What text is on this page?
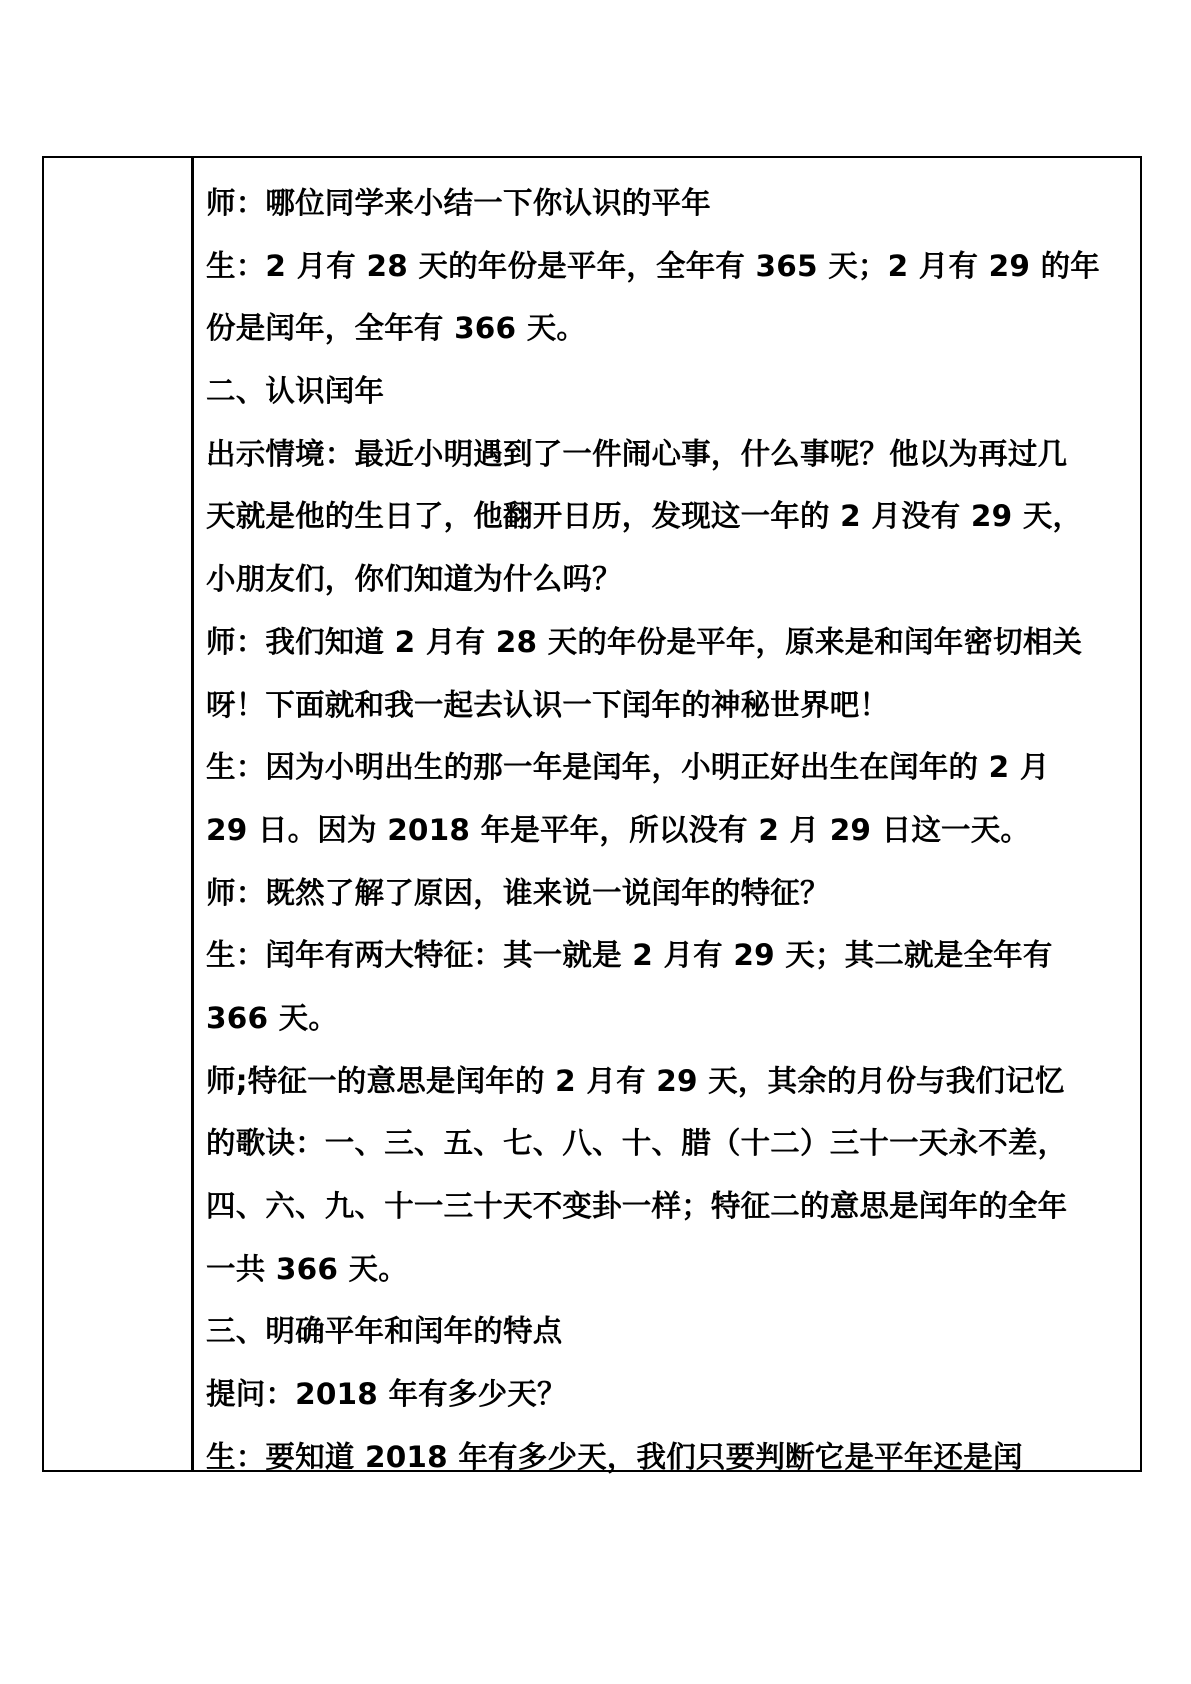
师：哪位同学来小结一下你认识的平年
生：2 月有 28 天的年份是平年，全年有 365 天；2 月有 29 的年
份是闰年，全年有 366 天。
二、认识闰年
出示情境：最近小明遇到了一件闹心事，什么事呢？他以为再过几
天就是他的生日了，他翻开日历，发现这一年的 2 月没有 29 天，
小朋友们，你们知道为什么吗？
师：我们知道 2 月有 28 天的年份是平年，原来是和闰年密切相关
呀！下面就和我一起去认识一下闰年的神秘世界吧！
生：因为小明出生的那一年是闰年，小明正好出生在闰年的 2 月
29 日。因为 2018 年是平年，所以没有 2 月 29 日这一天。
师：既然了解了原因，谁来说一说闰年的特征？
生：闰年有两大特征：其一就是 2 月有 29 天；其二就是全年有
366 天。
师;特征一的意思是闰年的 2 月有 29 天，其余的月份与我们记忆
的歌诀：一、三、五、七、八、十、腊（十二）三十一天永不差，
四、六、九、十一三十天不变卦一样；特征二的意思是闰年的全年
一共 366 天。
三、明确平年和闰年的特点
提问：2018 年有多少天？
生：要知道 2018 年有多少天，我们只要判断它是平年还是闰
